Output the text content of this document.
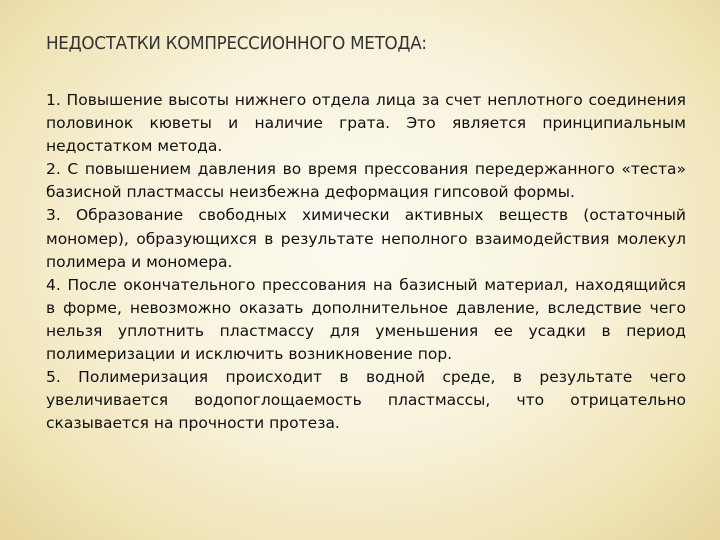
НЕДОСТАТКИ КОМПРЕССИОННОГО МЕТОДА:

1. Повышение высоты нижнего отдела лица за счет неплотного соединения половинок кюветы и наличие грата. Это является принципиальным недостатком метода.

2. С повышением давления во время прессования передержанного «теста» базисной пластмассы неизбежна деформация гипсовой формы.

3. Образование свободных химически активных веществ (остаточный мономер), образующихся в результате неполного взаимодействия молекул полимера и мономера.

4. После окончательного прессования на базисный материал, находящийся в форме, невозможно оказать дополнительное давление, вследствие чего нельзя уплотнить пластмассу для уменьшения ее усадки в период полимеризации и исключить возникновение пор.

5. Полимеризация происходит в водной среде, в результате чего увеличивается водопоглощаемость пластмассы, что отрицательно сказывается на прочности протеза.
